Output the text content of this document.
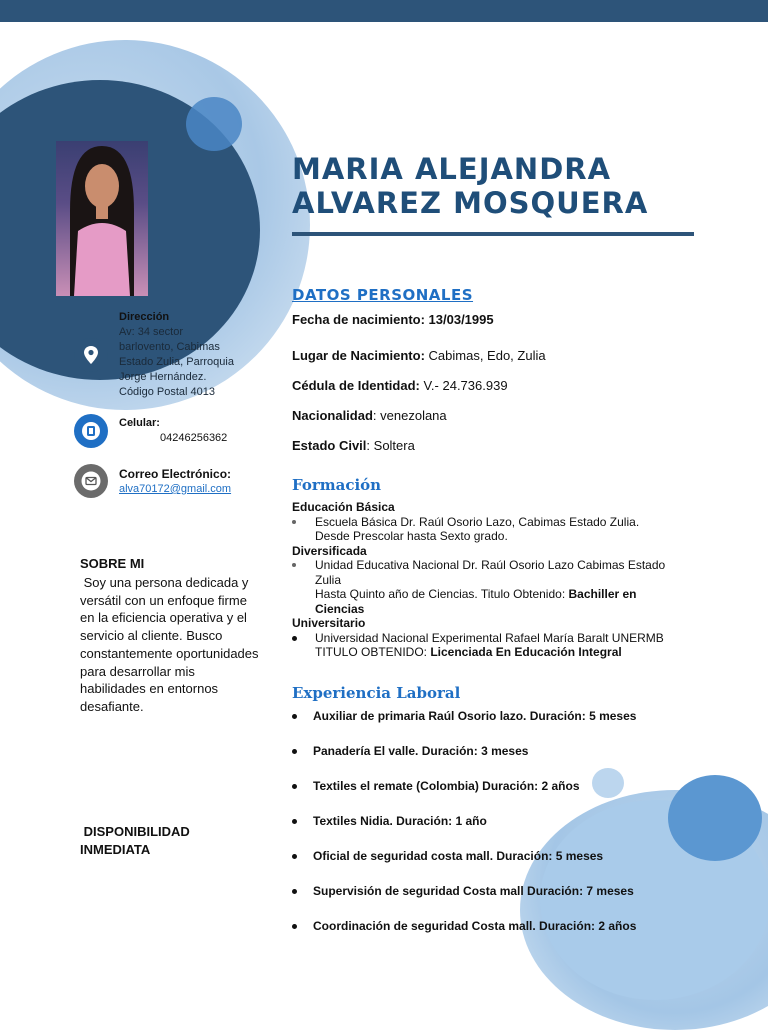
Dirección
Av: 34 sector
barlovento, Cabimas
Estado Zulia, Parroquia
Jorge Hernández.
Código Postal 4013
Celular:
04246256362
Correo Electrónico:
alva70172@gmail.com
SOBRE MI
Soy una persona dedicada y versátil con un enfoque firme en la eficiencia operativa y el servicio al cliente. Busco constantemente oportunidades para desarrollar mis habilidades en entornos desafiante.
DISPONIBILIDAD
INMEDIATA
MARIA ALEJANDRA
ALVAREZ MOSQUERA
DATOS PERSONALES
Fecha de nacimiento: 13/03/1995
Lugar de Nacimiento: Cabimas, Edo, Zulia
Cédula de Identidad: V.- 24.736.939
Nacionalidad: venezolana
Estado Civil: Soltera
Formación
Educación Básica
Escuela Básica Dr. Raúl Osorio Lazo, Cabimas Estado Zulia.
Desde Prescolar hasta Sexto grado.
Diversificada
Unidad Educativa Nacional Dr. Raúl Osorio Lazo Cabimas Estado
Zulia
Hasta Quinto año de Ciencias. Titulo Obtenido: Bachiller en
Ciencias
Universitario
Universidad Nacional Experimental Rafael María Baralt UNERMB
TITULO OBTENIDO: Licenciada En Educación Integral
Experiencia Laboral
Auxiliar de primaria Raúl Osorio lazo. Duración: 5 meses
Panadería El valle. Duración: 3 meses
Textiles el remate (Colombia) Duración: 2 años
Textiles Nidia. Duración: 1 año
Oficial de seguridad costa mall. Duración: 5 meses
Supervisión de seguridad Costa mall Duración: 7 meses
Coordinación de seguridad Costa mall. Duración: 2 años
